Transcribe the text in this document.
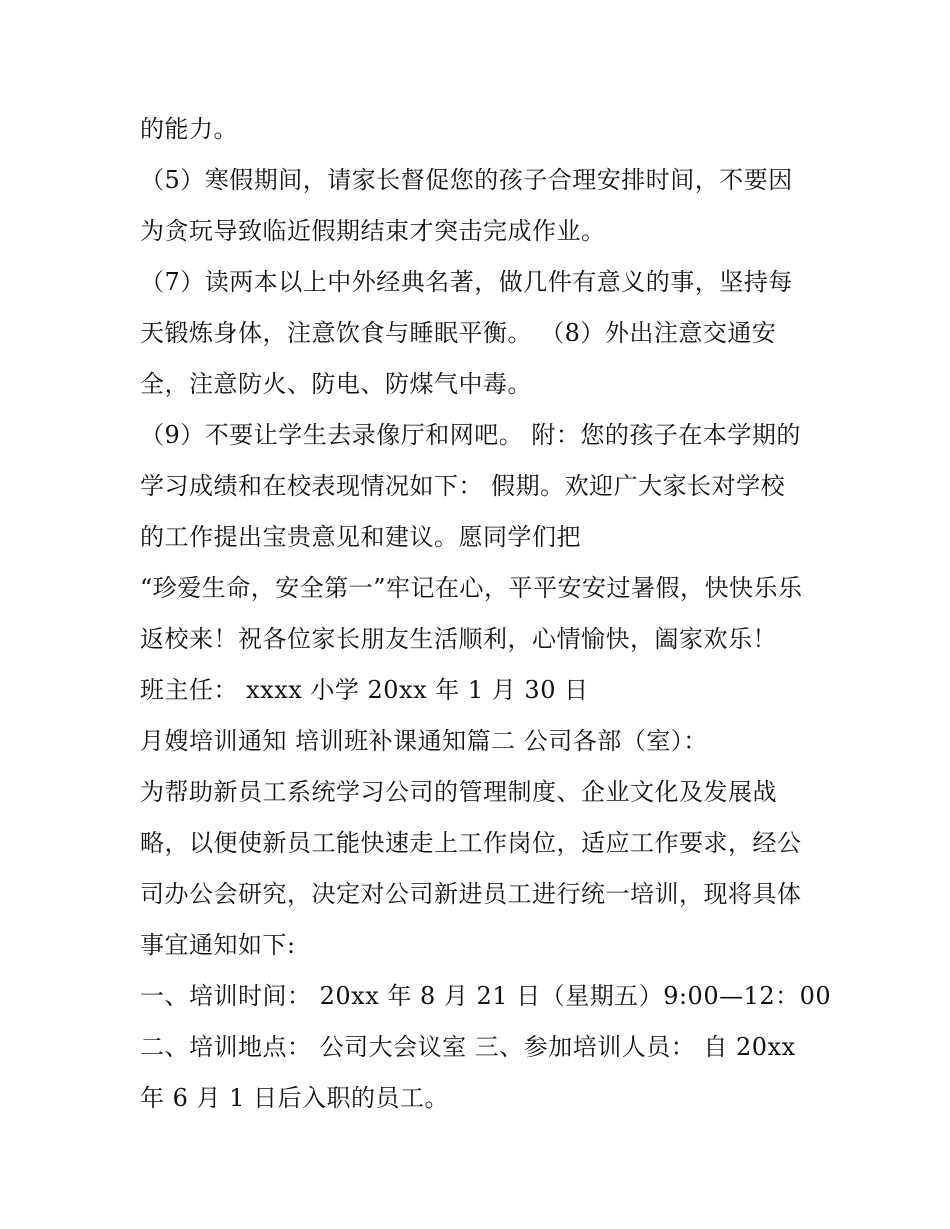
的能力。
（5）寒假期间，请家长督促您的孩子合理安排时间，不要因
为贪玩导致临近假期结束才突击完成作业。
（7）读两本以上中外经典名著，做几件有意义的事，坚持每
天锻炼身体，注意饮食与睡眠平衡。 （8）外出注意交通安
全，注意防火、防电、防煤气中毒。
（9）不要让学生去录像厅和网吧。 附：您的孩子在本学期的
学习成绩和在校表现情况如下： 假期。欢迎广大家长对学校
的工作提出宝贵意见和建议。愿同学们把
“珍爱生命，安全第一”牢记在心，平平安安过暑假，快快乐乐
返校来！祝各位家长朋友生活顺利，心情愉快，阖家欢乐！
班主任： xxxx 小学 20xx 年 1 月 30 日
月嫂培训通知 培训班补课通知篇二 公司各部（室）：
为帮助新员工系统学习公司的管理制度、企业文化及发展战
略，以便使新员工能快速走上工作岗位，适应工作要求，经公
司办公会研究，决定对公司新进员工进行统一培训，现将具体
事宜通知如下:
一、培训时间： 20xx 年 8 月 21 日（星期五）9:00—12：00
二、培训地点： 公司大会议室 三、参加培训人员： 自 20xx
年 6 月 1 日后入职的员工。
